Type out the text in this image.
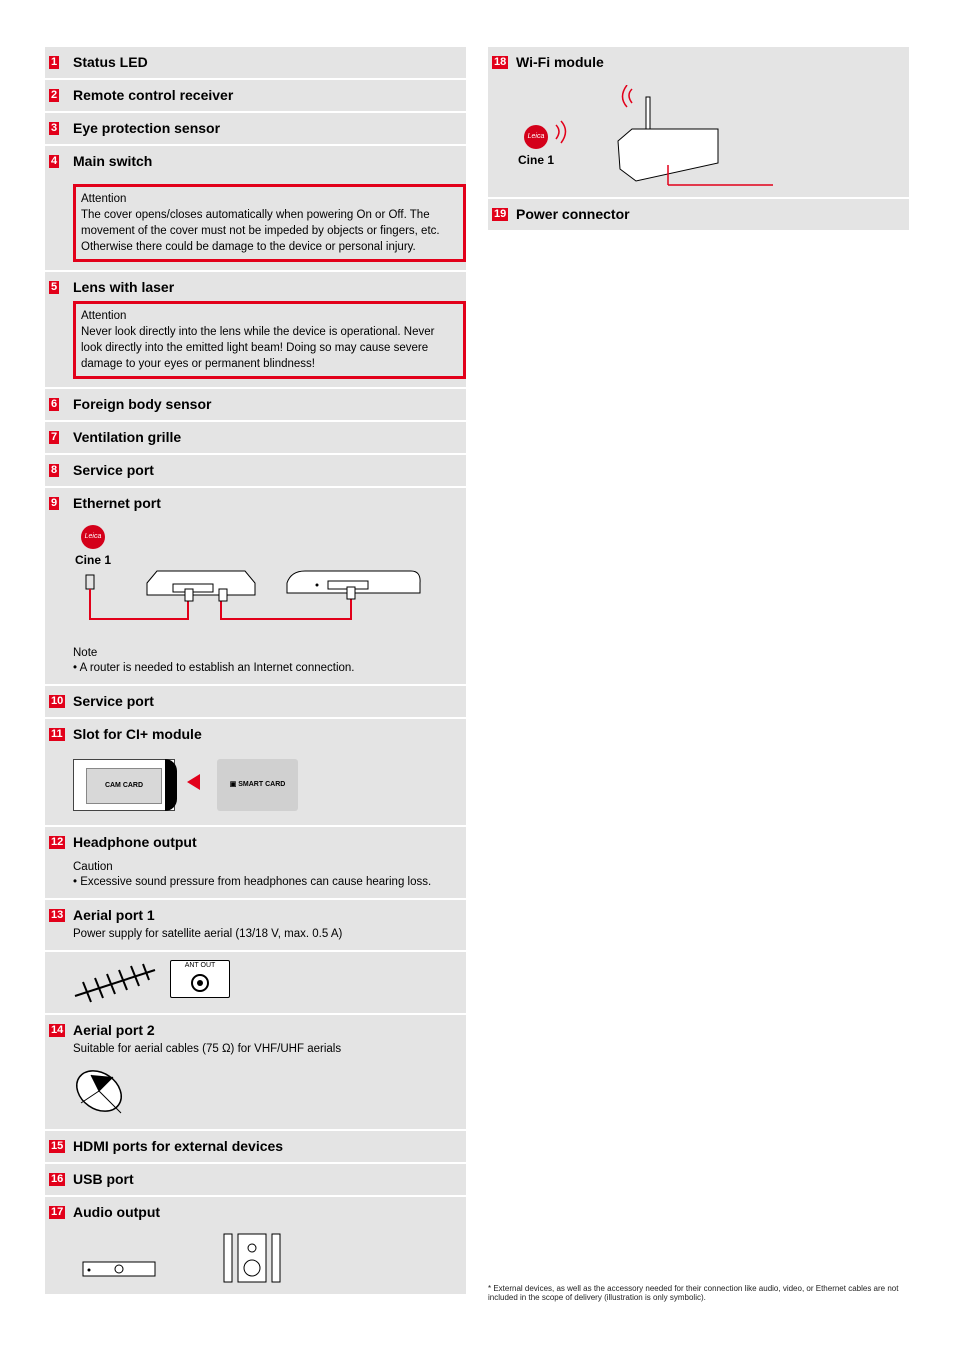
1 Status LED
2 Remote control receiver
3 Eye protection sensor
4 Main switch
Attention
The cover opens/closes automatically when powering On or Off. The movement of the cover must not be impeded by objects or fingers, etc. Otherwise there could be damage to the device or personal injury.
5 Lens with laser
Attention
Never look directly into the lens while the device is operational. Never look directly into the emitted light beam! Doing so may cause severe damage to your eyes or permanent blindness!
6 Foreign body sensor
7 Ventilation grille
8 Service port
9 Ethernet port
Leica
Cine 1
Note
• A router is needed to establish an Internet connection.
10 Service port
11 Slot for CI+ module
CAM CARD	▣ SMART CARD
12 Headphone output
Caution
• Excessive sound pressure from headphones can cause hearing loss.
13 Aerial port 1
Power supply for satellite aerial (13/18 V, max. 0.5 A)
ANT OUT
14 Aerial port 2
Suitable for aerial cables (75 Ω) for VHF/UHF aerials
15 HDMI ports for external devices
16 USB port
17 Audio output
18 Wi-Fi module
Leica
Cine 1
19 Power connector
* External devices, as well as the accessory needed for their connection like audio, video, or Ethernet cables are not included in the scope of delivery (illustration is only symbolic).
